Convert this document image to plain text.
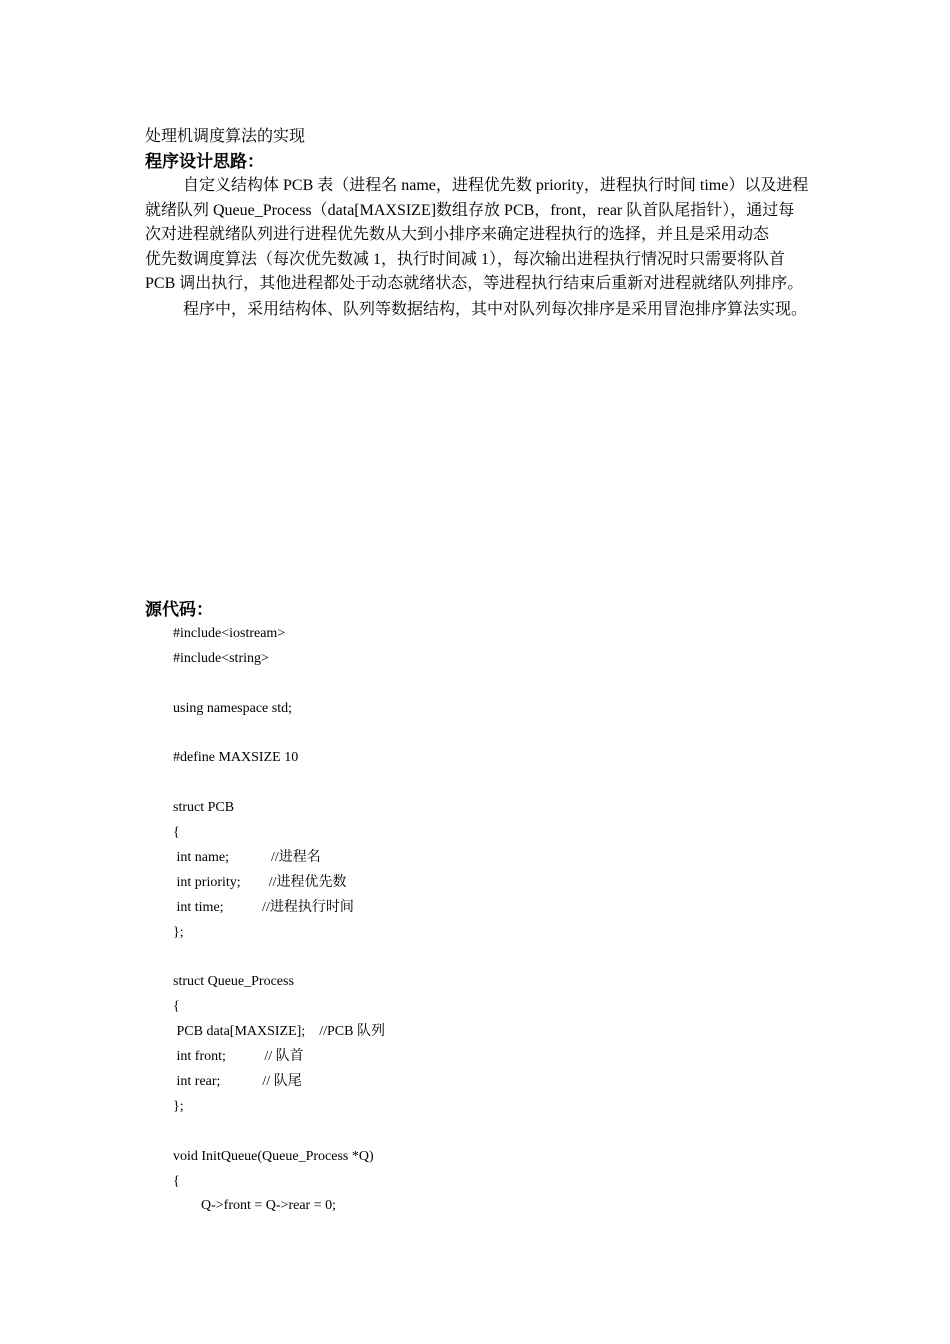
处理机调度算法的实现
程序设计思路：
自定义结构体 PCB 表（进程名 name，进程优先数 priority，进程执行时间 time）以及进程
就绪队列 Queue_Process（data[MAXSIZE]数组存放 PCB，front，rear 队首队尾指针），通过每
次对进程就绪队列进行进程优先数从大到小排序来确定进程执行的选择，并且是采用动态
优先数调度算法（每次优先数减 1，执行时间减 1），每次输出进程执行情况时只需要将队首
PCB 调出执行，其他进程都处于动态就绪状态，等进程执行结束后重新对进程就绪队列排序。
程序中，采用结构体、队列等数据结构，其中对队列每次排序是采用冒泡排序算法实现。
源代码：
#include<iostream>
#include<string>
using namespace std;
#define MAXSIZE 10
struct PCB
{
int name;            //进程名
int priority;        //进程优先数
int time;           //进程执行时间
};
struct Queue_Process
{
PCB data[MAXSIZE];    //PCB 队列
int front;           // 队首
int rear;            // 队尾
};
void InitQueue(Queue_Process *Q)
{
Q->front = Q->rear = 0;
